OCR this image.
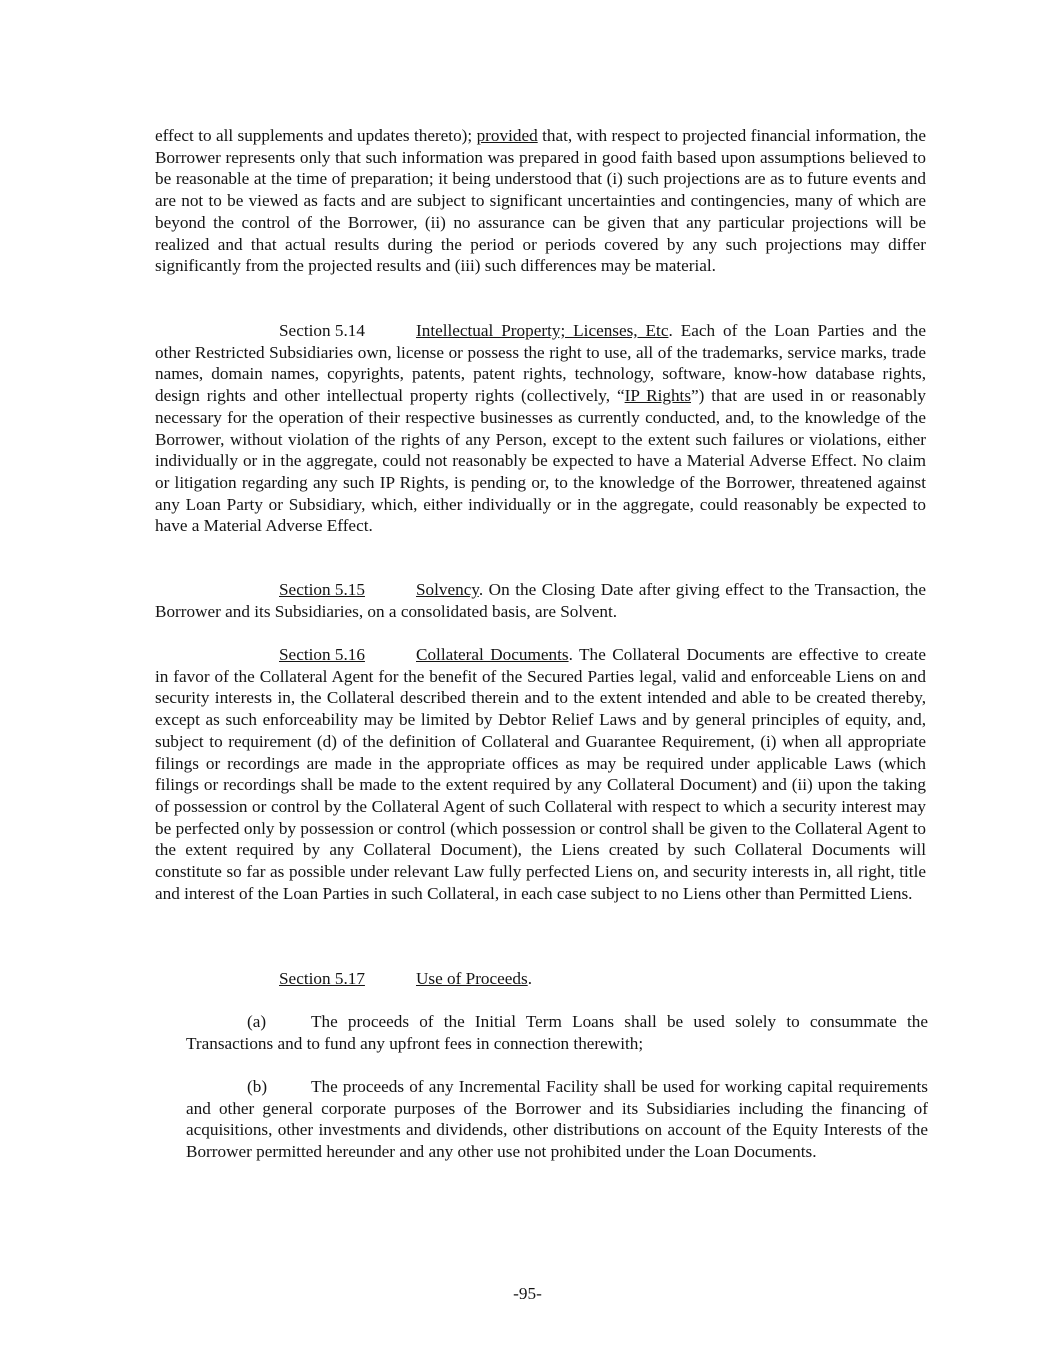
effect to all supplements and updates thereto); provided that, with respect to projected financial information, the Borrower represents only that such information was prepared in good faith based upon assumptions believed to be reasonable at the time of preparation; it being understood that (i) such projections are as to future events and are not to be viewed as facts and are subject to significant uncertainties and contingencies, many of which are beyond the control of the Borrower, (ii) no assurance can be given that any particular projections will be realized and that actual results during the period or periods covered by any such projections may differ significantly from the projected results and (iii) such differences may be material.

Section 5.14	Intellectual Property; Licenses, Etc. Each of the Loan Parties and the other Restricted Subsidiaries own, license or possess the right to use, all of the trademarks, service marks, trade names, domain names, copyrights, patents, patent rights, technology, software, know-how database rights, design rights and other intellectual property rights (collectively, “IP Rights”) that are used in or reasonably necessary for the operation of their respective businesses as currently conducted, and, to the knowledge of the Borrower, without violation of the rights of any Person, except to the extent such failures or violations, either individually or in the aggregate, could not reasonably be expected to have a Material Adverse Effect. No claim or litigation regarding any such IP Rights, is pending or, to the knowledge of the Borrower, threatened against any Loan Party or Subsidiary, which, either individually or in the aggregate, could reasonably be expected to have a Material Adverse Effect.

Section 5.15	Solvency. On the Closing Date after giving effect to the Transaction, the Borrower and its Subsidiaries, on a consolidated basis, are Solvent.

Section 5.16	Collateral Documents. The Collateral Documents are effective to create in favor of the Collateral Agent for the benefit of the Secured Parties legal, valid and enforceable Liens on and security interests in, the Collateral described therein and to the extent intended and able to be created thereby, except as such enforceability may be limited by Debtor Relief Laws and by general principles of equity, and, subject to requirement (d) of the definition of Collateral and Guarantee Requirement, (i) when all appropriate filings or recordings are made in the appropriate offices as may be required under applicable Laws (which filings or recordings shall be made to the extent required by any Collateral Document) and (ii) upon the taking of possession or control by the Collateral Agent of such Collateral with respect to which a security interest may be perfected only by possession or control (which possession or control shall be given to the Collateral Agent to the extent required by any Collateral Document), the Liens created by such Collateral Documents will constitute so far as possible under relevant Law fully perfected Liens on, and security interests in, all right, title and interest of the Loan Parties in such Collateral, in each case subject to no Liens other than Permitted Liens.

Section 5.17	Use of Proceeds.

(a)	The proceeds of the Initial Term Loans shall be used solely to consummate the Transactions and to fund any upfront fees in connection therewith;

(b)	The proceeds of any Incremental Facility shall be used for working capital requirements and other general corporate purposes of the Borrower and its Subsidiaries including the financing of acquisitions, other investments and dividends, other distributions on account of the Equity Interests of the Borrower permitted hereunder and any other use not prohibited under the Loan Documents.

-95-
